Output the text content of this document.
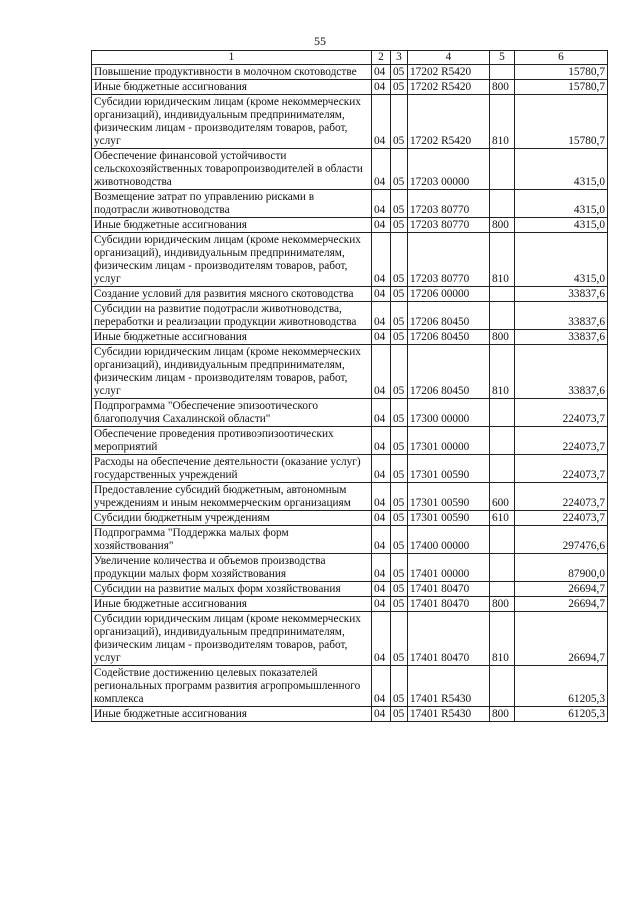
55
1	2	3	4	5	6
Повышение продуктивности в молочном скотоводстве	04	05	17202 R5420		15780,7
Иные бюджетные ассигнования	04	05	17202 R5420	800	15780,7
Субсидии юридическим лицам (кроме некоммерческих организаций), индивидуальным предпринимателям, физическим лицам - производителям товаров, работ, услуг	04	05	17202 R5420	810	15780,7
Обеспечение финансовой устойчивости сельскохозяйственных товаропроизводителей в области животноводства	04	05	17203 00000		4315,0
Возмещение затрат по управлению рисками в подотрасли животноводства	04	05	17203 80770		4315,0
Иные бюджетные ассигнования	04	05	17203 80770	800	4315,0
Субсидии юридическим лицам (кроме некоммерческих организаций), индивидуальным предпринимателям, физическим лицам - производителям товаров, работ, услуг	04	05	17203 80770	810	4315,0
Создание условий для развития мясного скотоводства	04	05	17206 00000		33837,6
Субсидии на развитие подотрасли животноводства, переработки и реализации продукции животноводства	04	05	17206 80450		33837,6
Иные бюджетные ассигнования	04	05	17206 80450	800	33837,6
Субсидии юридическим лицам (кроме некоммерческих организаций), индивидуальным предпринимателям, физическим лицам - производителям товаров, работ, услуг	04	05	17206 80450	810	33837,6
Подпрограмма "Обеспечение эпизоотического благополучия Сахалинской области"	04	05	17300 00000		224073,7
Обеспечение проведения противоэпизоотических мероприятий	04	05	17301 00000		224073,7
Расходы на обеспечение деятельности (оказание услуг) государственных учреждений	04	05	17301 00590		224073,7
Предоставление субсидий бюджетным, автономным учреждениям и иным некоммерческим организациям	04	05	17301 00590	600	224073,7
Субсидии бюджетным учреждениям	04	05	17301 00590	610	224073,7
Подпрограмма "Поддержка малых форм хозяйствования"	04	05	17400 00000		297476,6
Увеличение количества и объемов производства продукции малых форм хозяйствования	04	05	17401 00000		87900,0
Субсидии на развитие малых форм хозяйствования	04	05	17401 80470		26694,7
Иные бюджетные ассигнования	04	05	17401 80470	800	26694,7
Субсидии юридическим лицам (кроме некоммерческих организаций), индивидуальным предпринимателям, физическим лицам - производителям товаров, работ, услуг	04	05	17401 80470	810	26694,7
Содействие достижению целевых показателей региональных программ развития агропромышленного комплекса	04	05	17401 R5430		61205,3
Иные бюджетные ассигнования	04	05	17401 R5430	800	61205,3
